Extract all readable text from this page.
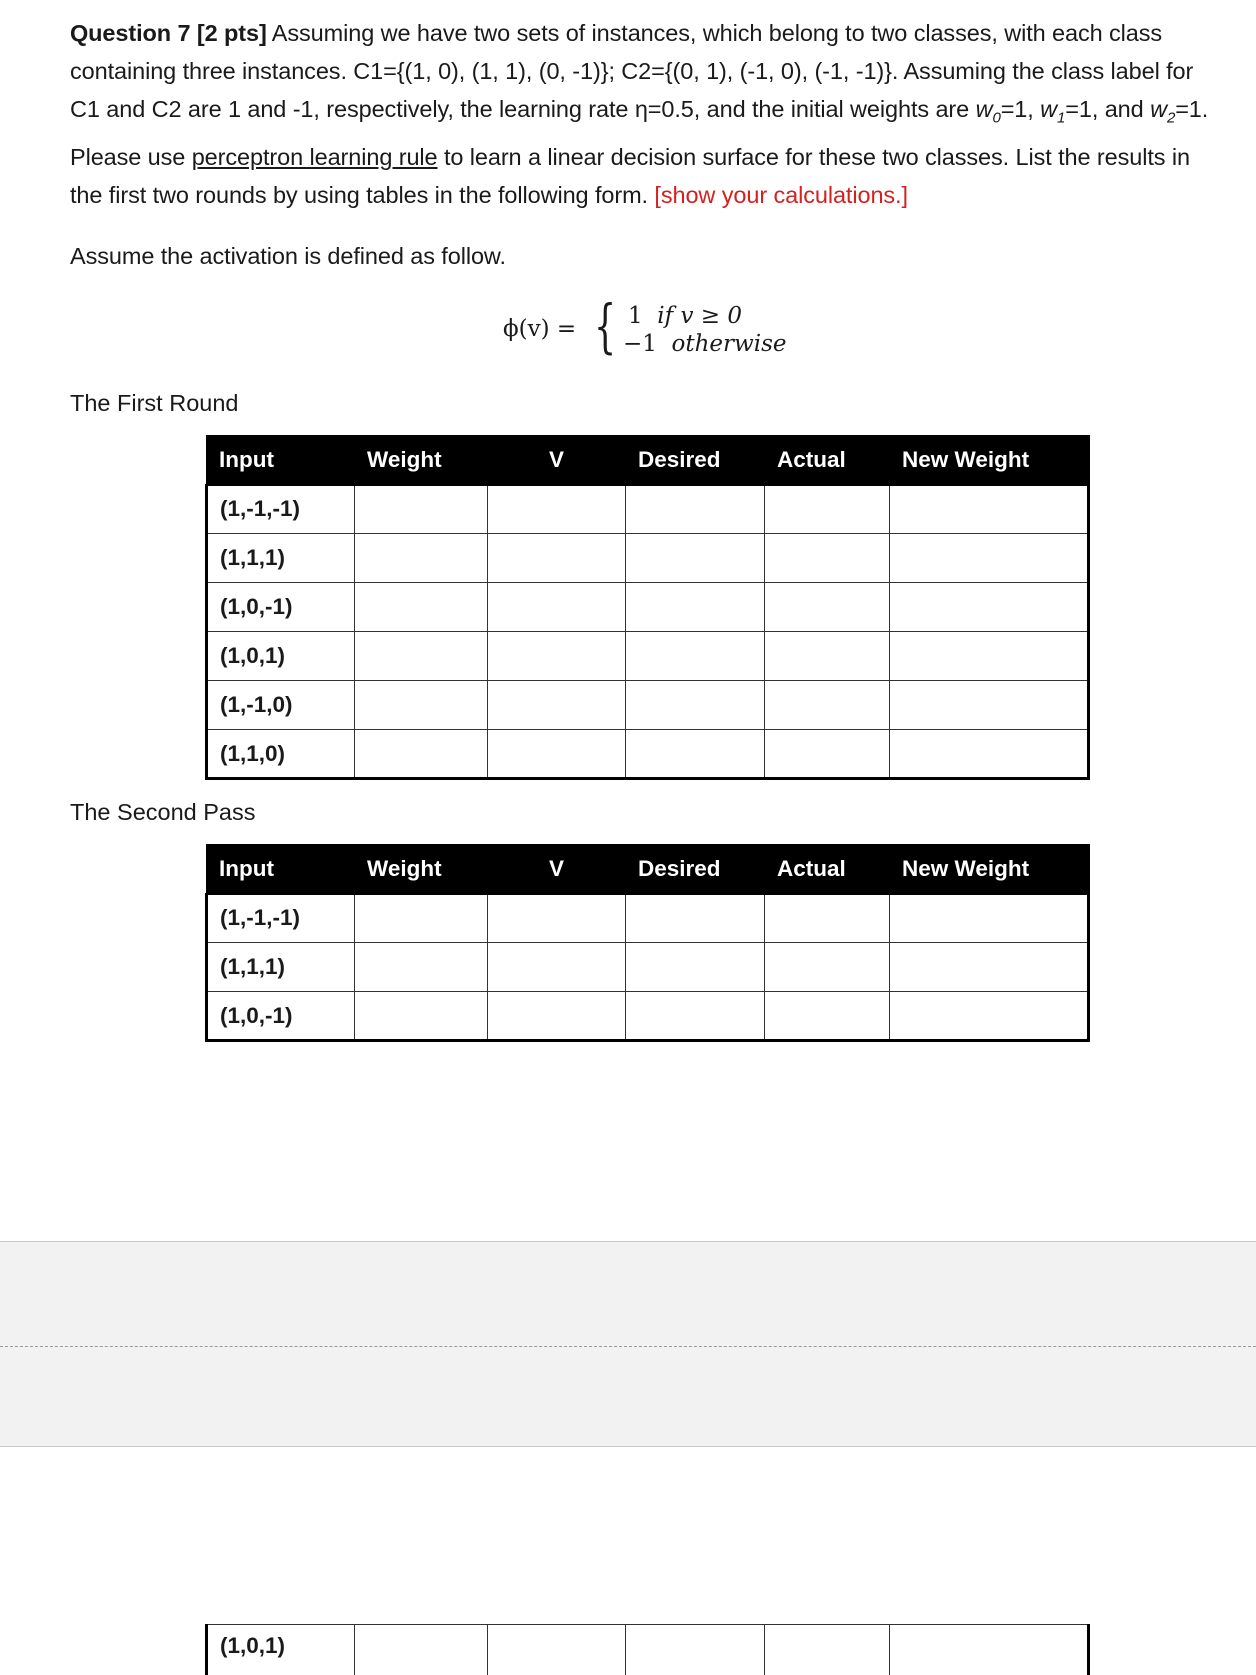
Question 7 [2 pts] Assuming we have two sets of instances, which belong to two classes, with each class containing three instances. C1={(1, 0), (1, 1), (0, -1)}; C2={(0, 1), (-1, 0), (-1, -1)}. Assuming the class label for C1 and C2 are 1 and -1, respectively, the learning rate η=0.5, and the initial weights are $w_0=1$, $w_1=1$, and $w_2=1$. Please use perceptron learning rule to learn a linear decision surface for these two classes. List the results in the first two rounds by using tables in the following form. [show your calculations.]
Assume the activation is defined as follow.
ϕ(v) = { 1 if v ≥ 0
−1 otherwise
The First Round
Input	Weight	V	Desired	Actual	New Weight
(1,-1,-1)					
(1,1,1)					
(1,0,-1)					
(1,0,1)					
(1,-1,0)					
(1,1,0)					
The Second Pass
Input	Weight	V	Desired	Actual	New Weight
(1,-1,-1)					
(1,1,1)					
(1,0,-1)					
(1,0,1)					
